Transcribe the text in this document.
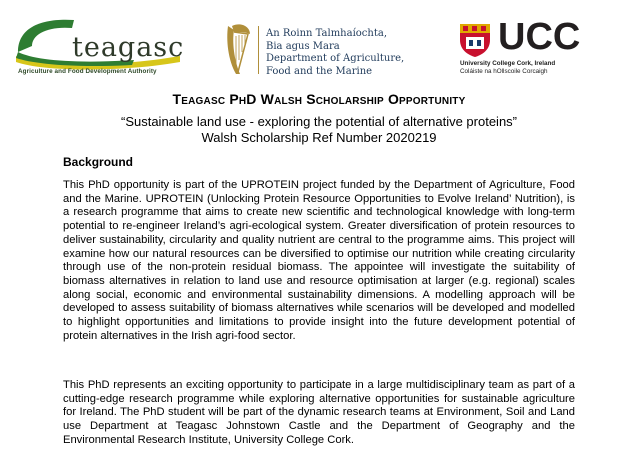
teagasc
Agriculture and Food Development Authority
An Roinn Talmhaíochta,
Bia agus Mara
Department of Agriculture,
Food and the Marine
UCC
University College Cork, Ireland
Coláiste na hOllscoile Corcaigh
Teagasc PhD Walsh Scholarship Opportunity
“Sustainable land use - exploring the potential of alternative proteins”
Walsh Scholarship Ref Number 2020219
Background
This PhD opportunity is part of the UPROTEIN project funded by the Department of Agriculture, Food and the Marine. UPROTEIN (Unlocking Protein Resource Opportunities to Evolve Ireland’ Nutrition), is a research programme that aims to create new scientific and technological knowledge with long-term potential to re-engineer Ireland’s agri-ecological system. Greater diversification of protein resources to deliver sustainability, circularity and quality nutrient are central to the programme aims. This project will examine how our natural resources can be diversified to optimise our nutrition while creating circularity through use of the non-protein residual biomass. The appointee will investigate the suitability of biomass alternatives in relation to land use and resource optimisation at larger (e.g. regional) scales along social, economic and environmental sustainability dimensions. A modelling approach will be developed to assess suitability of biomass alternatives while scenarios will be developed and modelled to highlight opportunities and limitations to provide insight into the future development potential of protein alternatives in the Irish agri-food sector.
This PhD represents an exciting opportunity to participate in a large multidisciplinary team as part of a cutting-edge research programme while exploring alternative opportunities for sustainable agriculture for Ireland. The PhD student will be part of the dynamic research teams at Environment, Soil and Land use Department at Teagasc Johnstown Castle and the Department of Geography and the Environmental Research Institute, University College Cork.
